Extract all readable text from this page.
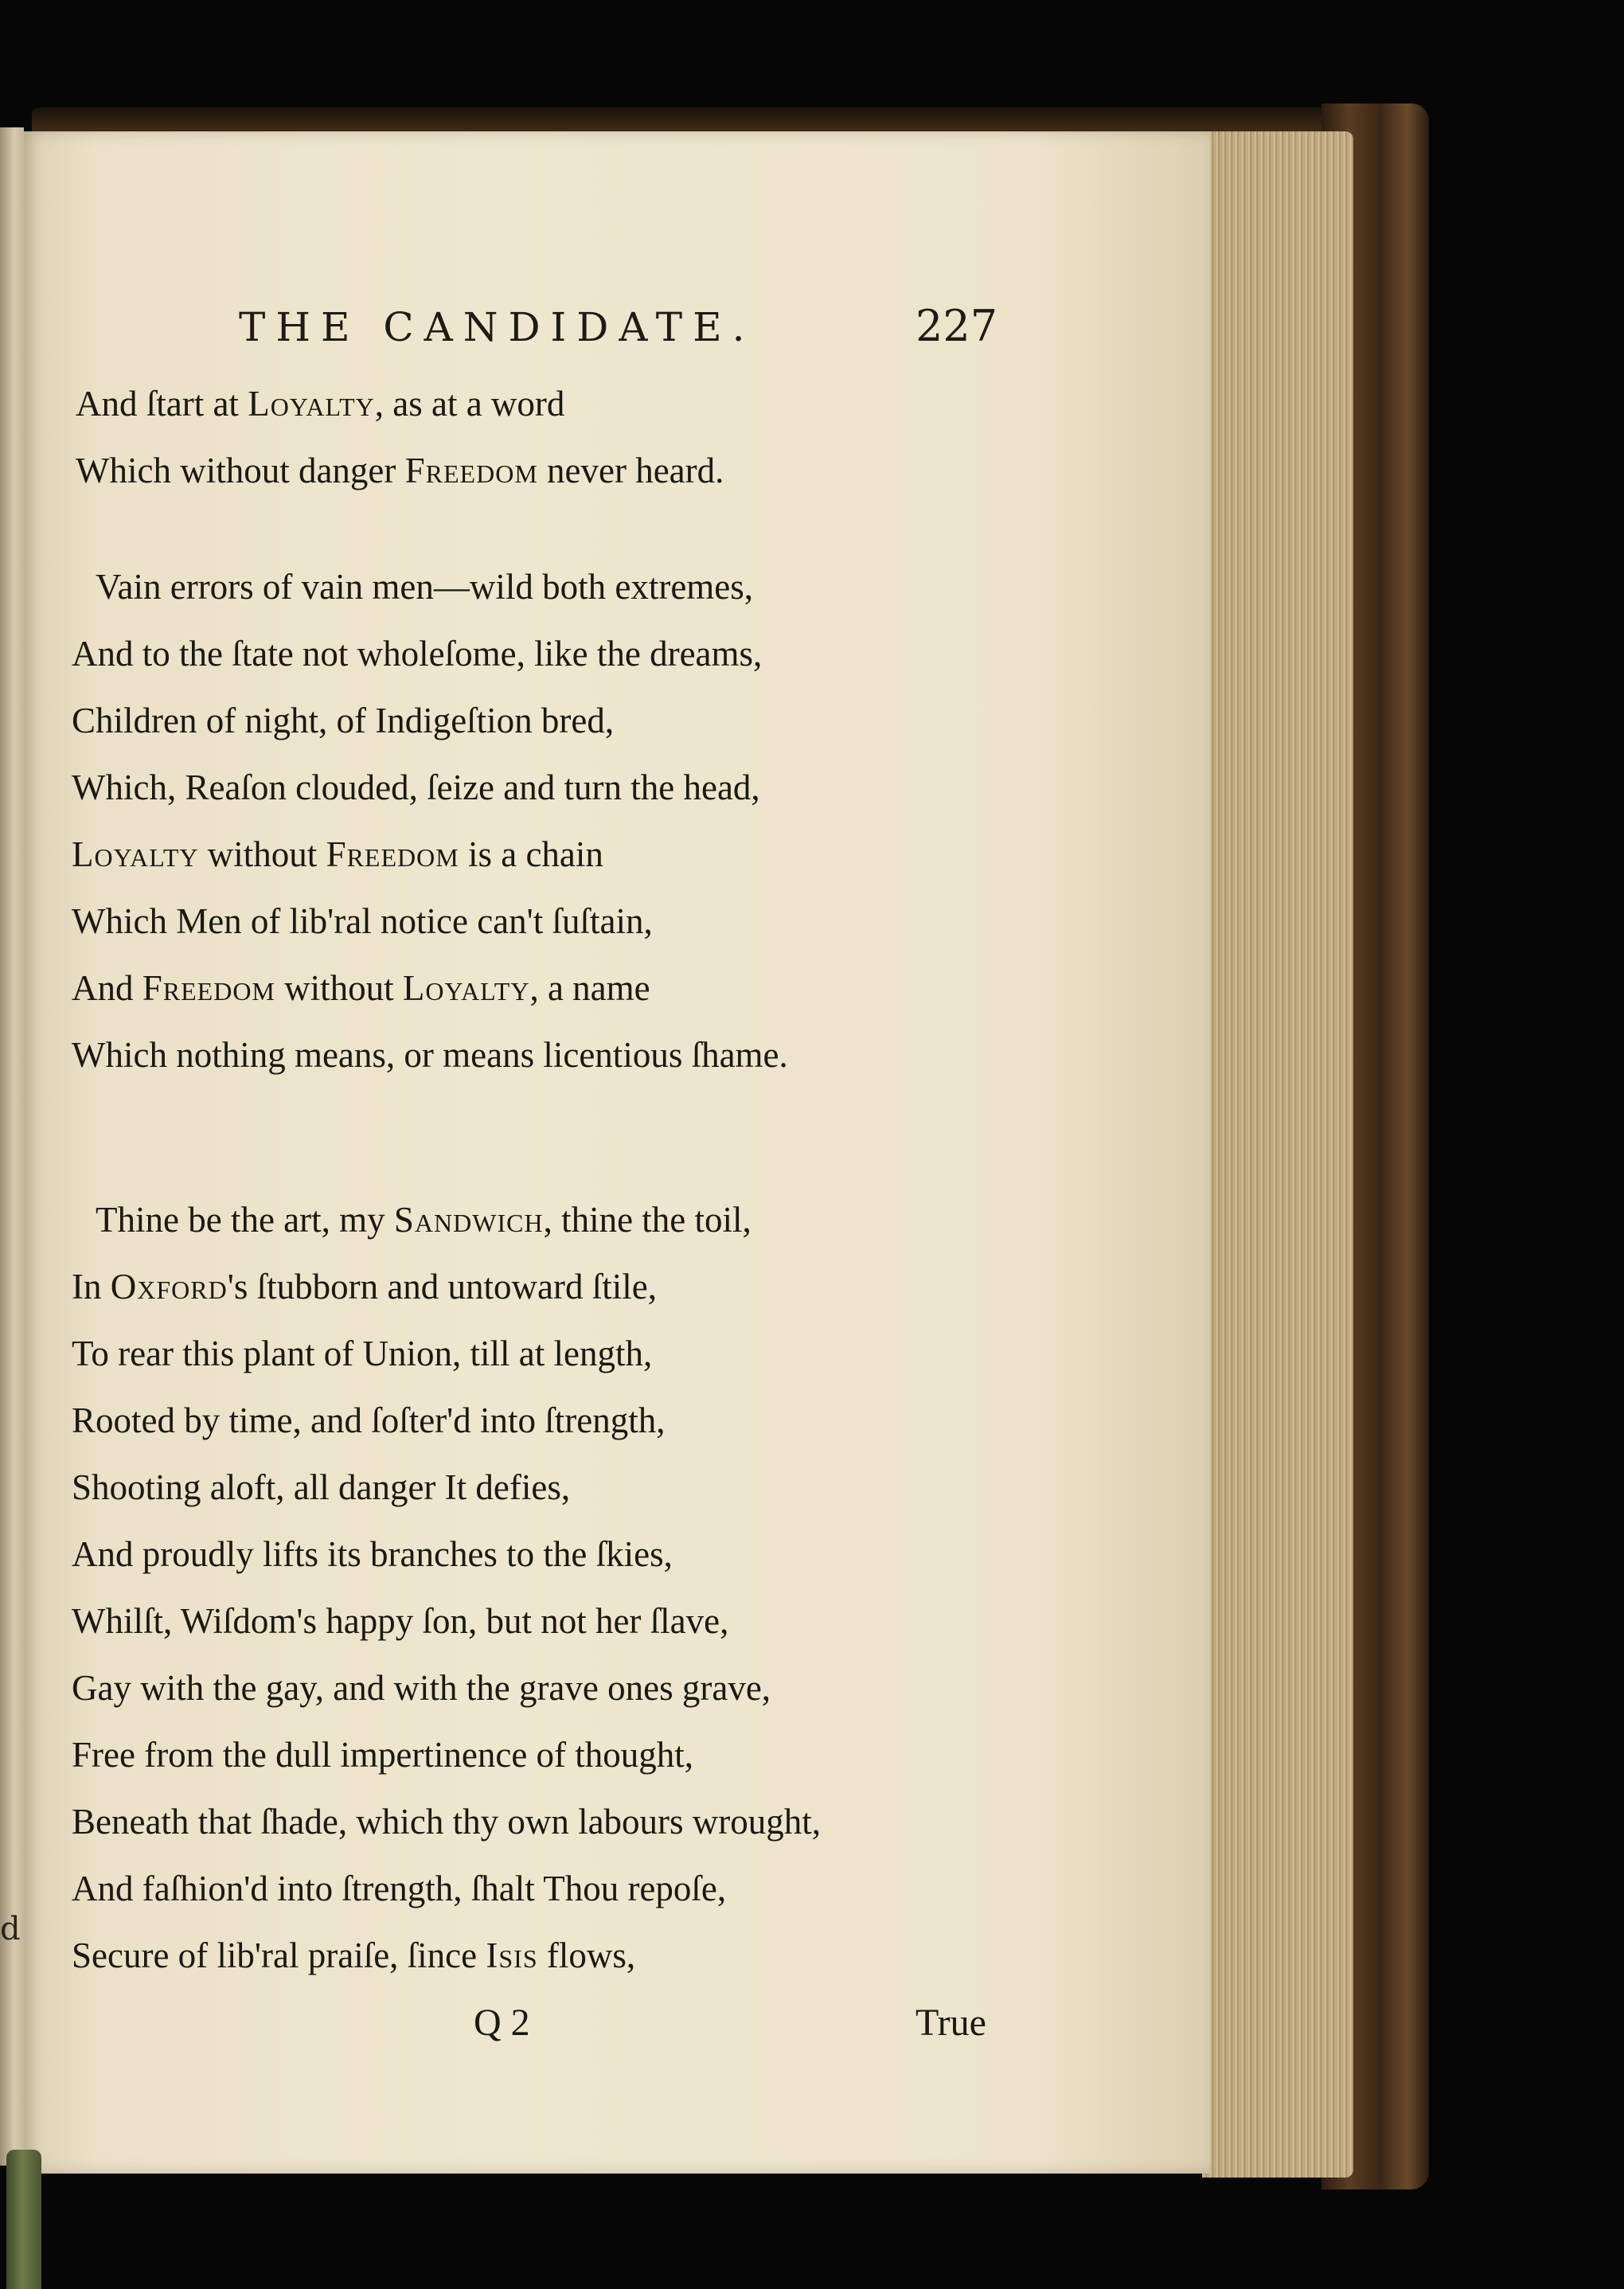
d
THE CANDIDATE.	227
And ſtart at Loyalty, as at a word
Which without danger Freedom never heard.
Vain errors of vain men—wild both extremes,
And to the ſtate not wholeſome, like the dreams,
Children of night, of Indigeſtion bred,
Which, Reaſon clouded, ſeize and turn the head,
Loyalty without Freedom is a chain
Which Men of lib'ral notice can't ſuſtain,
And Freedom without Loyalty, a name
Which nothing means, or means licentious ſhame.
Thine be the art, my Sandwich, thine the toil,
In Oxford's ſtubborn and untoward ſtile,
To rear this plant of Union, till at length,
Rooted by time, and ſoſter'd into ſtrength,
Shooting aloft, all danger It defies,
And proudly lifts its branches to the ſkies,
Whilſt, Wiſdom's happy ſon, but not her ſlave,
Gay with the gay, and with the grave ones grave,
Free from the dull impertinence of thought,
Beneath that ſhade, which thy own labours wrought,
And faſhion'd into ſtrength, ſhalt Thou repoſe,
Secure of lib'ral praiſe, ſince Isis flows,
Q 2	True
